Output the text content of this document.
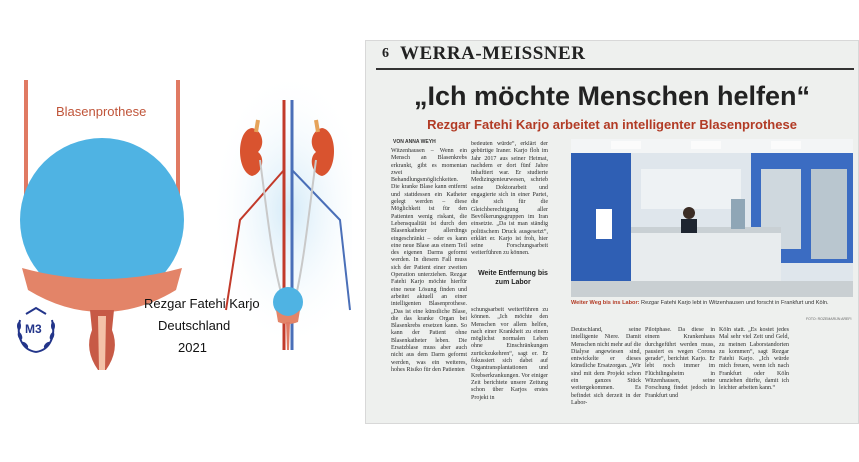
Blasenprothese
Rezgar Fatehi Karjo
Deutschland
2021
M3
6 WERRA-MEISSNER
„Ich möchte Menschen helfen“
Rezgar Fatehi Karjo arbeitet an intelligenter Blasenprothese
VON ANNA WEYH
Witzenhausen – Wenn ein Mensch an Blasenkrebs erkrankt, gibt es momentan zwei Behandlungsmöglichkeiten. Die kranke Blase kann entfernt und stattdessen ein Katheter gelegt werden – diese Möglichkeit ist für den Patienten wenig riskant, die Lebensqualität ist durch den Blasenkatheter allerdings eingeschränkt – oder es kann eine neue Blase aus einem Teil des eigenen Darms geformt werden. In diesem Fall muss sich der Patient einer zweiten Operation unterziehen. Rezgar Fatehi Karjo möchte hierfür eine neue Lösung finden und arbeitet aktuell an einer intelligenten Blasenprothese. „Das ist eine künstliche Blase, die das kranke Organ bei Blasenkrebs ersetzen kann. So kann der Patient ohne Blasenkatheter leben. Die Ersatzblase muss aber auch nicht aus dem Darm geformt werden, was ein weiteres, hohes Risiko für den Patienten
bedeuten würde“, erklärt der gebürtige Iraner. Karjo floh im Jahr 2017 aus seiner Heimat, nachdem er dort fünf Jahre inhaftiert war. Er studierte Medizingenieurwesen, schrieb seine Doktorarbeit und engagierte sich in einer Partei, die sich für die Gleichberechtigung aller Bevölkerungsgruppen im Iran einsetzte. „Da ist man ständig politischem Druck ausgesetzt“, erklärt er. Karjo ist froh, hier seine Forschungsarbeit weiterführen zu können.
Weite Entfernung bis zum Labor
schungsarbeit weiterführen zu können. „Ich möchte den Menschen vor allem helfen, nach einer Krankheit zu einem möglichst normalen Leben ohne Einschränkungen zurückzukehren“, sagt er. Er fokussiert sich dabei auf Organtransplantationen und Krebserkrankungen. Vor einiger Zeit berichtete unsere Zeitung schon über Karjos erstes Projekt in
Weiter Weg bis ins Labor: Rezgar Fatehi Karjo lebt in Witzenhausen und forscht in Frankfurt und Köln.
FOTO: ROZEMARIJN AREFI
Deutschland, seine intelligente Niere. Damit Menschen nicht mehr auf die Dialyse angewiesen sind, entwickelte er dieses künstliche Ersatzorgan. „Wir sind mit dem Projekt schon ein ganzes Stück weitergekommen. Es befindet sich derzeit in der Labor-
Pilotphase. Da diese in einem Krankenhaus durchgeführt werden muss, pausiert es wegen Corona gerade“, berichtet Karjo. Er lebt noch immer im Flüchtlingsheim in Witzenhausen, seine Forschung findet jedoch in Frankfurt und
Köln statt. „Es kostet jedes Mal sehr viel Zeit und Geld, zu meinen Laborstandorten zu kommen“, sagt Rezgar Fatehi Karjo. „Ich würde mich freuen, wenn ich nach Frankfurt oder Köln umziehen dürfte, damit ich leichter arbeiten kann.“
